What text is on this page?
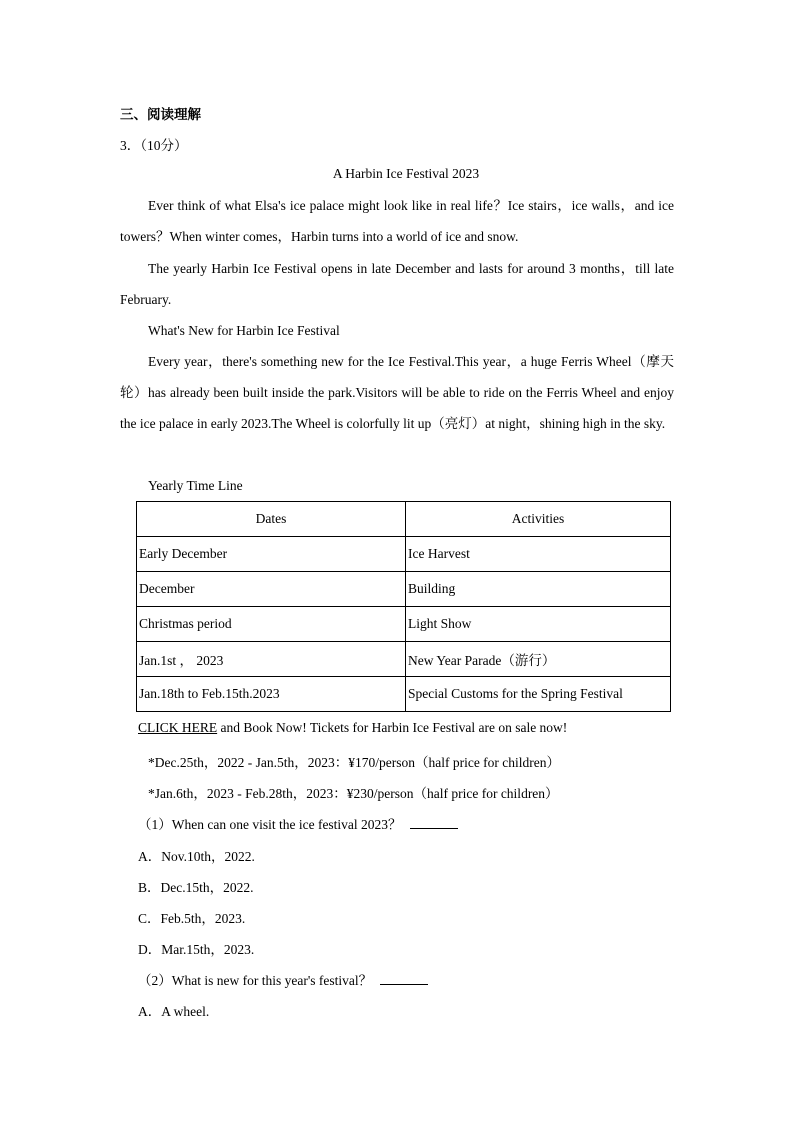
三、阅读理解
3．（10分）
A Harbin Ice Festival 2023
Ever think of what Elsa's ice palace might look like in real life？Ice stairs，ice walls，and ice towers？When winter comes，Harbin turns into a world of ice and snow.
The yearly Harbin Ice Festival opens in late December and lasts for around 3 months，till late February.
What's New for Harbin Ice Festival
Every year，there's something new for the Ice Festival.This year，a huge Ferris Wheel（摩天轮）has already been built inside the park.Visitors will be able to ride on the Ferris Wheel and enjoy the ice palace in early 2023.The Wheel is colorfully lit up（亮灯）at night，shining high in the sky.
Yearly Time Line
Dates	Activities
Early December	Ice Harvest
December	Building
Christmas period	Light Show
Jan.1st ， 2023	New Year Parade（游行）
Jan.18th to Feb.15th.2023	Special Customs for the Spring Festival
CLICK HERE and Book Now! Tickets for Harbin Ice Festival are on sale now!
*Dec.25th，2022 - Jan.5th，2023：¥170/person（half price for children）
*Jan.6th，2023 - Feb.28th，2023：¥230/person（half price for children）
（1）When can one visit the ice festival 2023？
A．Nov.10th，2022.
B．Dec.15th，2022.
C．Feb.5th，2023.
D．Mar.15th，2023.
（2）What is new for this year's festival？
A．A wheel.
